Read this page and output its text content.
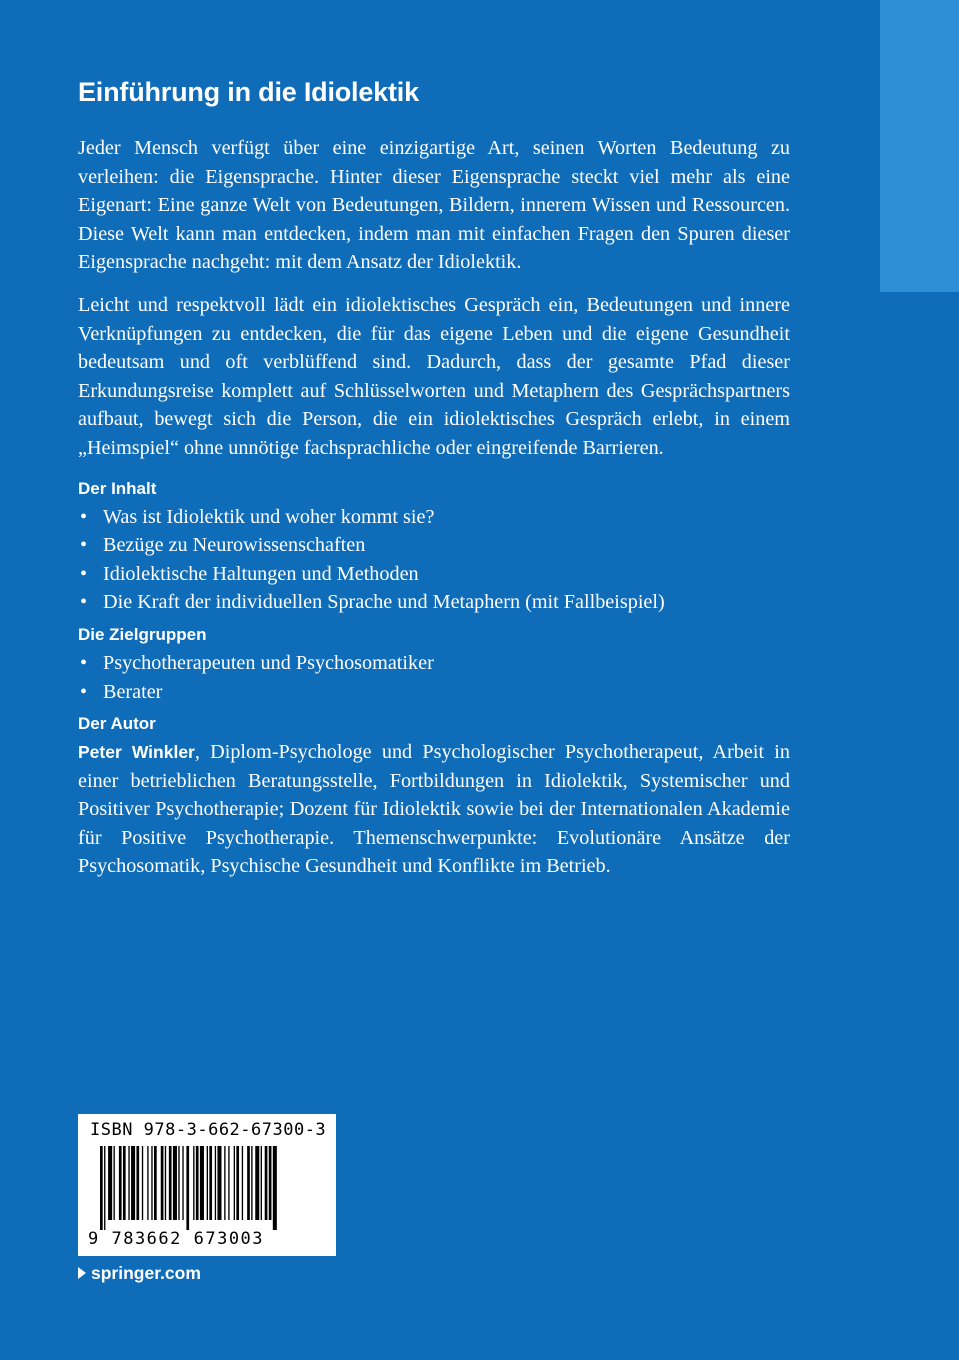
Einführung in die Idiolektik

Jeder Mensch verfügt über eine einzigartige Art, seinen Worten Bedeutung zu verleihen: die Eigensprache. Hinter dieser Eigensprache steckt viel mehr als eine Eigenart: Eine ganze Welt von Bedeutungen, Bildern, innerem Wissen und Ressourcen. Diese Welt kann man entdecken, indem man mit einfachen Fragen den Spuren dieser Eigensprache nachgeht: mit dem Ansatz der Idiolektik.

Leicht und respektvoll lädt ein idiolektisches Gespräch ein, Bedeutungen und innere Verknüpfungen zu entdecken, die für das eigene Leben und die eigene Gesundheit bedeutsam und oft verblüffend sind. Dadurch, dass der gesamte Pfad dieser Erkundungsreise komplett auf Schlüsselworten und Metaphern des Gesprächspartners aufbaut, bewegt sich die Person, die ein idiolektisches Gespräch erlebt, in einem „Heimspiel“ ohne unnötige fachsprachliche oder eingreifende Barrieren.

Der Inhalt
• Was ist Idiolektik und woher kommt sie?
• Bezüge zu Neurowissenschaften
• Idiolektische Haltungen und Methoden
• Die Kraft der individuellen Sprache und Metaphern (mit Fallbeispiel)
Die Zielgruppen
• Psychotherapeuten und Psychosomatiker
• Berater
Der Autor

Peter Winkler, Diplom-Psychologe und Psychologischer Psychotherapeut, Arbeit in einer betrieblichen Beratungsstelle, Fortbildungen in Idiolektik, Systemischer und Positiver Psychotherapie; Dozent für Idiolektik sowie bei der Internationalen Akademie für Positive Psychotherapie. Themenschwerpunkte: Evolutionäre Ansätze der Psychosomatik, Psychische Gesundheit und Konflikte im Betrieb.

ISBN 978-3-662-67300-3
9 783662 673003
springer.com
